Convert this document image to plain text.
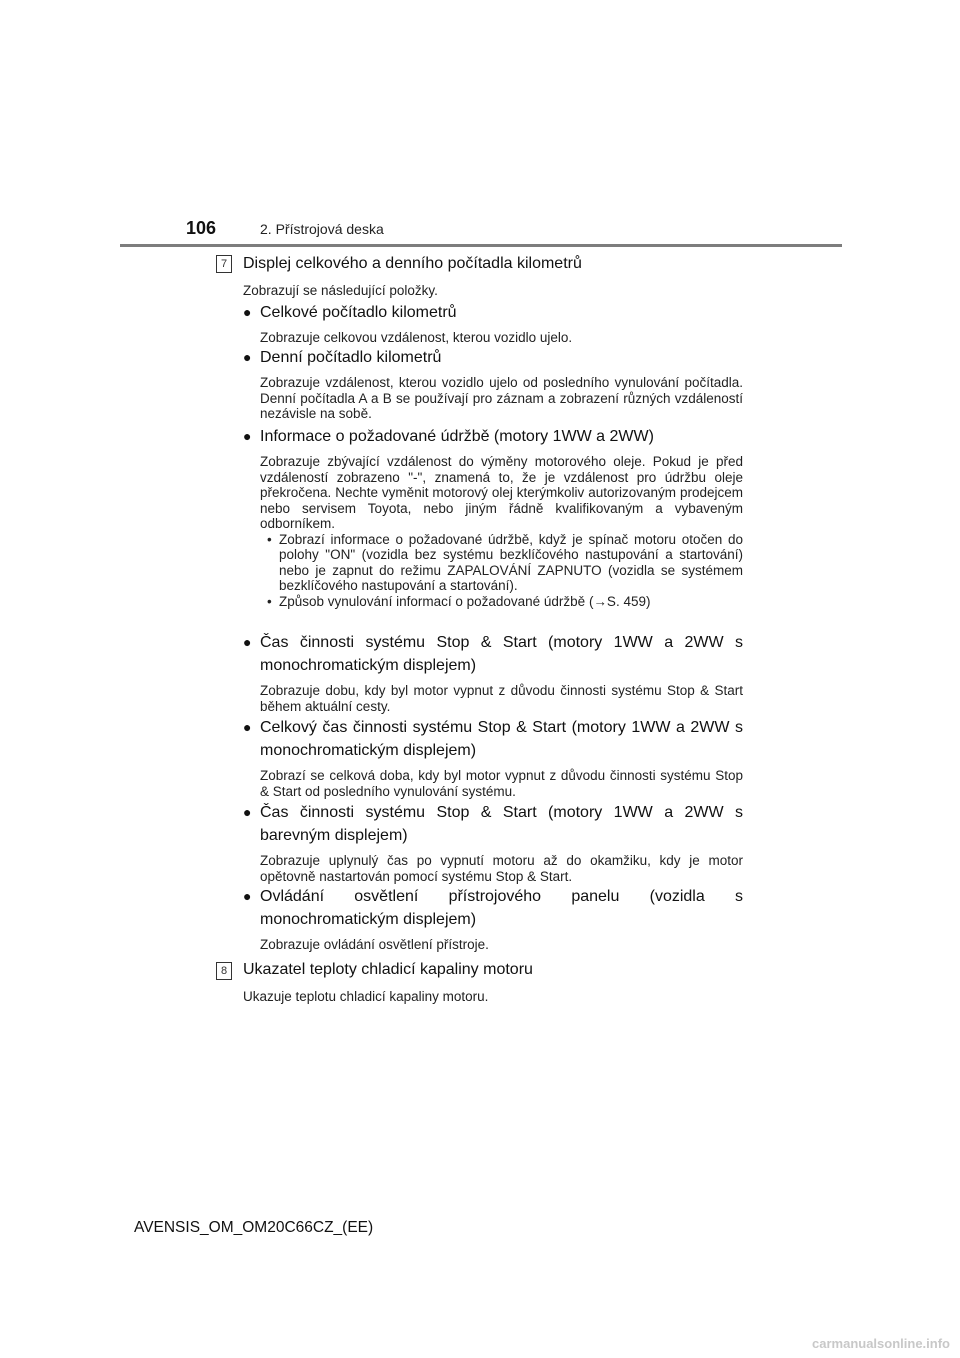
106	2. Přístrojová deska
7 Displej celkového a denního počítadla kilometrů
Zobrazují se následující položky.
● Celkové počítadlo kilometrů
Zobrazuje celkovou vzdálenost, kterou vozidlo ujelo.
● Denní počítadlo kilometrů
Zobrazuje vzdálenost, kterou vozidlo ujelo od posledního vynulování počítadla. Denní počítadla A a B se používají pro záznam a zobrazení různých vzdáleností nezávisle na sobě.
● Informace o požadované údržbě (motory 1WW a 2WW)
Zobrazuje zbývající vzdálenost do výměny motorového oleje. Pokud je před vzdáleností zobrazeno "-", znamená to, že je vzdálenost pro údržbu oleje překročena. Nechte vyměnit motorový olej kterýmkoliv autorizovaným prodejcem nebo servisem Toyota, nebo jiným řádně kvalifikovaným a vybaveným odborníkem.
• Zobrazí informace o požadované údržbě, když je spínač motoru otočen do polohy "ON" (vozidla bez systému bezklíčového nastupování a startování) nebo je zapnut do režimu ZAPALOVÁNÍ ZAPNUTO (vozidla se systémem bezklíčového nastupování a startování).
• Způsob vynulování informací o požadované údržbě (→S. 459)
● Čas činnosti systému Stop & Start (motory 1WW a 2WW s monochromatickým displejem)
Zobrazuje dobu, kdy byl motor vypnut z důvodu činnosti systému Stop & Start během aktuální cesty.
● Celkový čas činnosti systému Stop & Start (motory 1WW a 2WW s monochromatickým displejem)
Zobrazí se celková doba, kdy byl motor vypnut z důvodu činnosti systému Stop & Start od posledního vynulování systému.
● Čas činnosti systému Stop & Start (motory 1WW a 2WW s barevným displejem)
Zobrazuje uplynulý čas po vypnutí motoru až do okamžiku, kdy je motor opětovně nastartován pomocí systému Stop & Start.
● Ovládání osvětlení přístrojového panelu (vozidla s monochromatickým displejem)
Zobrazuje ovládání osvětlení přístroje.
8 Ukazatel teploty chladicí kapaliny motoru
Ukazuje teplotu chladicí kapaliny motoru.
AVENSIS_OM_OM20C66CZ_(EE)
carmanualsonline.info
